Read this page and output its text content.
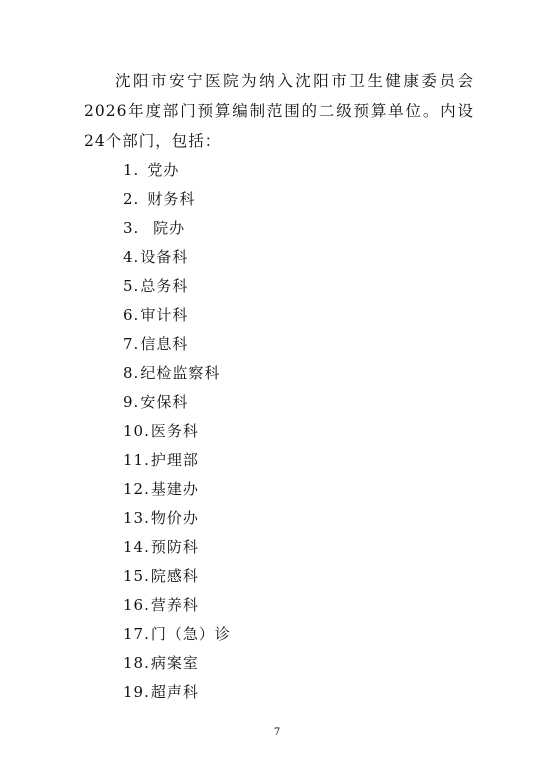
沈阳市安宁医院为纳入沈阳市卫生健康委员会2026年度部门预算编制范围的二级预算单位。内设24个部门，包括：

1. 党办
2. 财务科
3. 院办
4.设备科
5.总务科
6.审计科
7.信息科
8.纪检监察科
9.安保科
10.医务科
11.护理部
12.基建办
13.物价办
14.预防科
15.院感科
16.营养科
17.门（急）诊
18.病案室
19.超声科
7
